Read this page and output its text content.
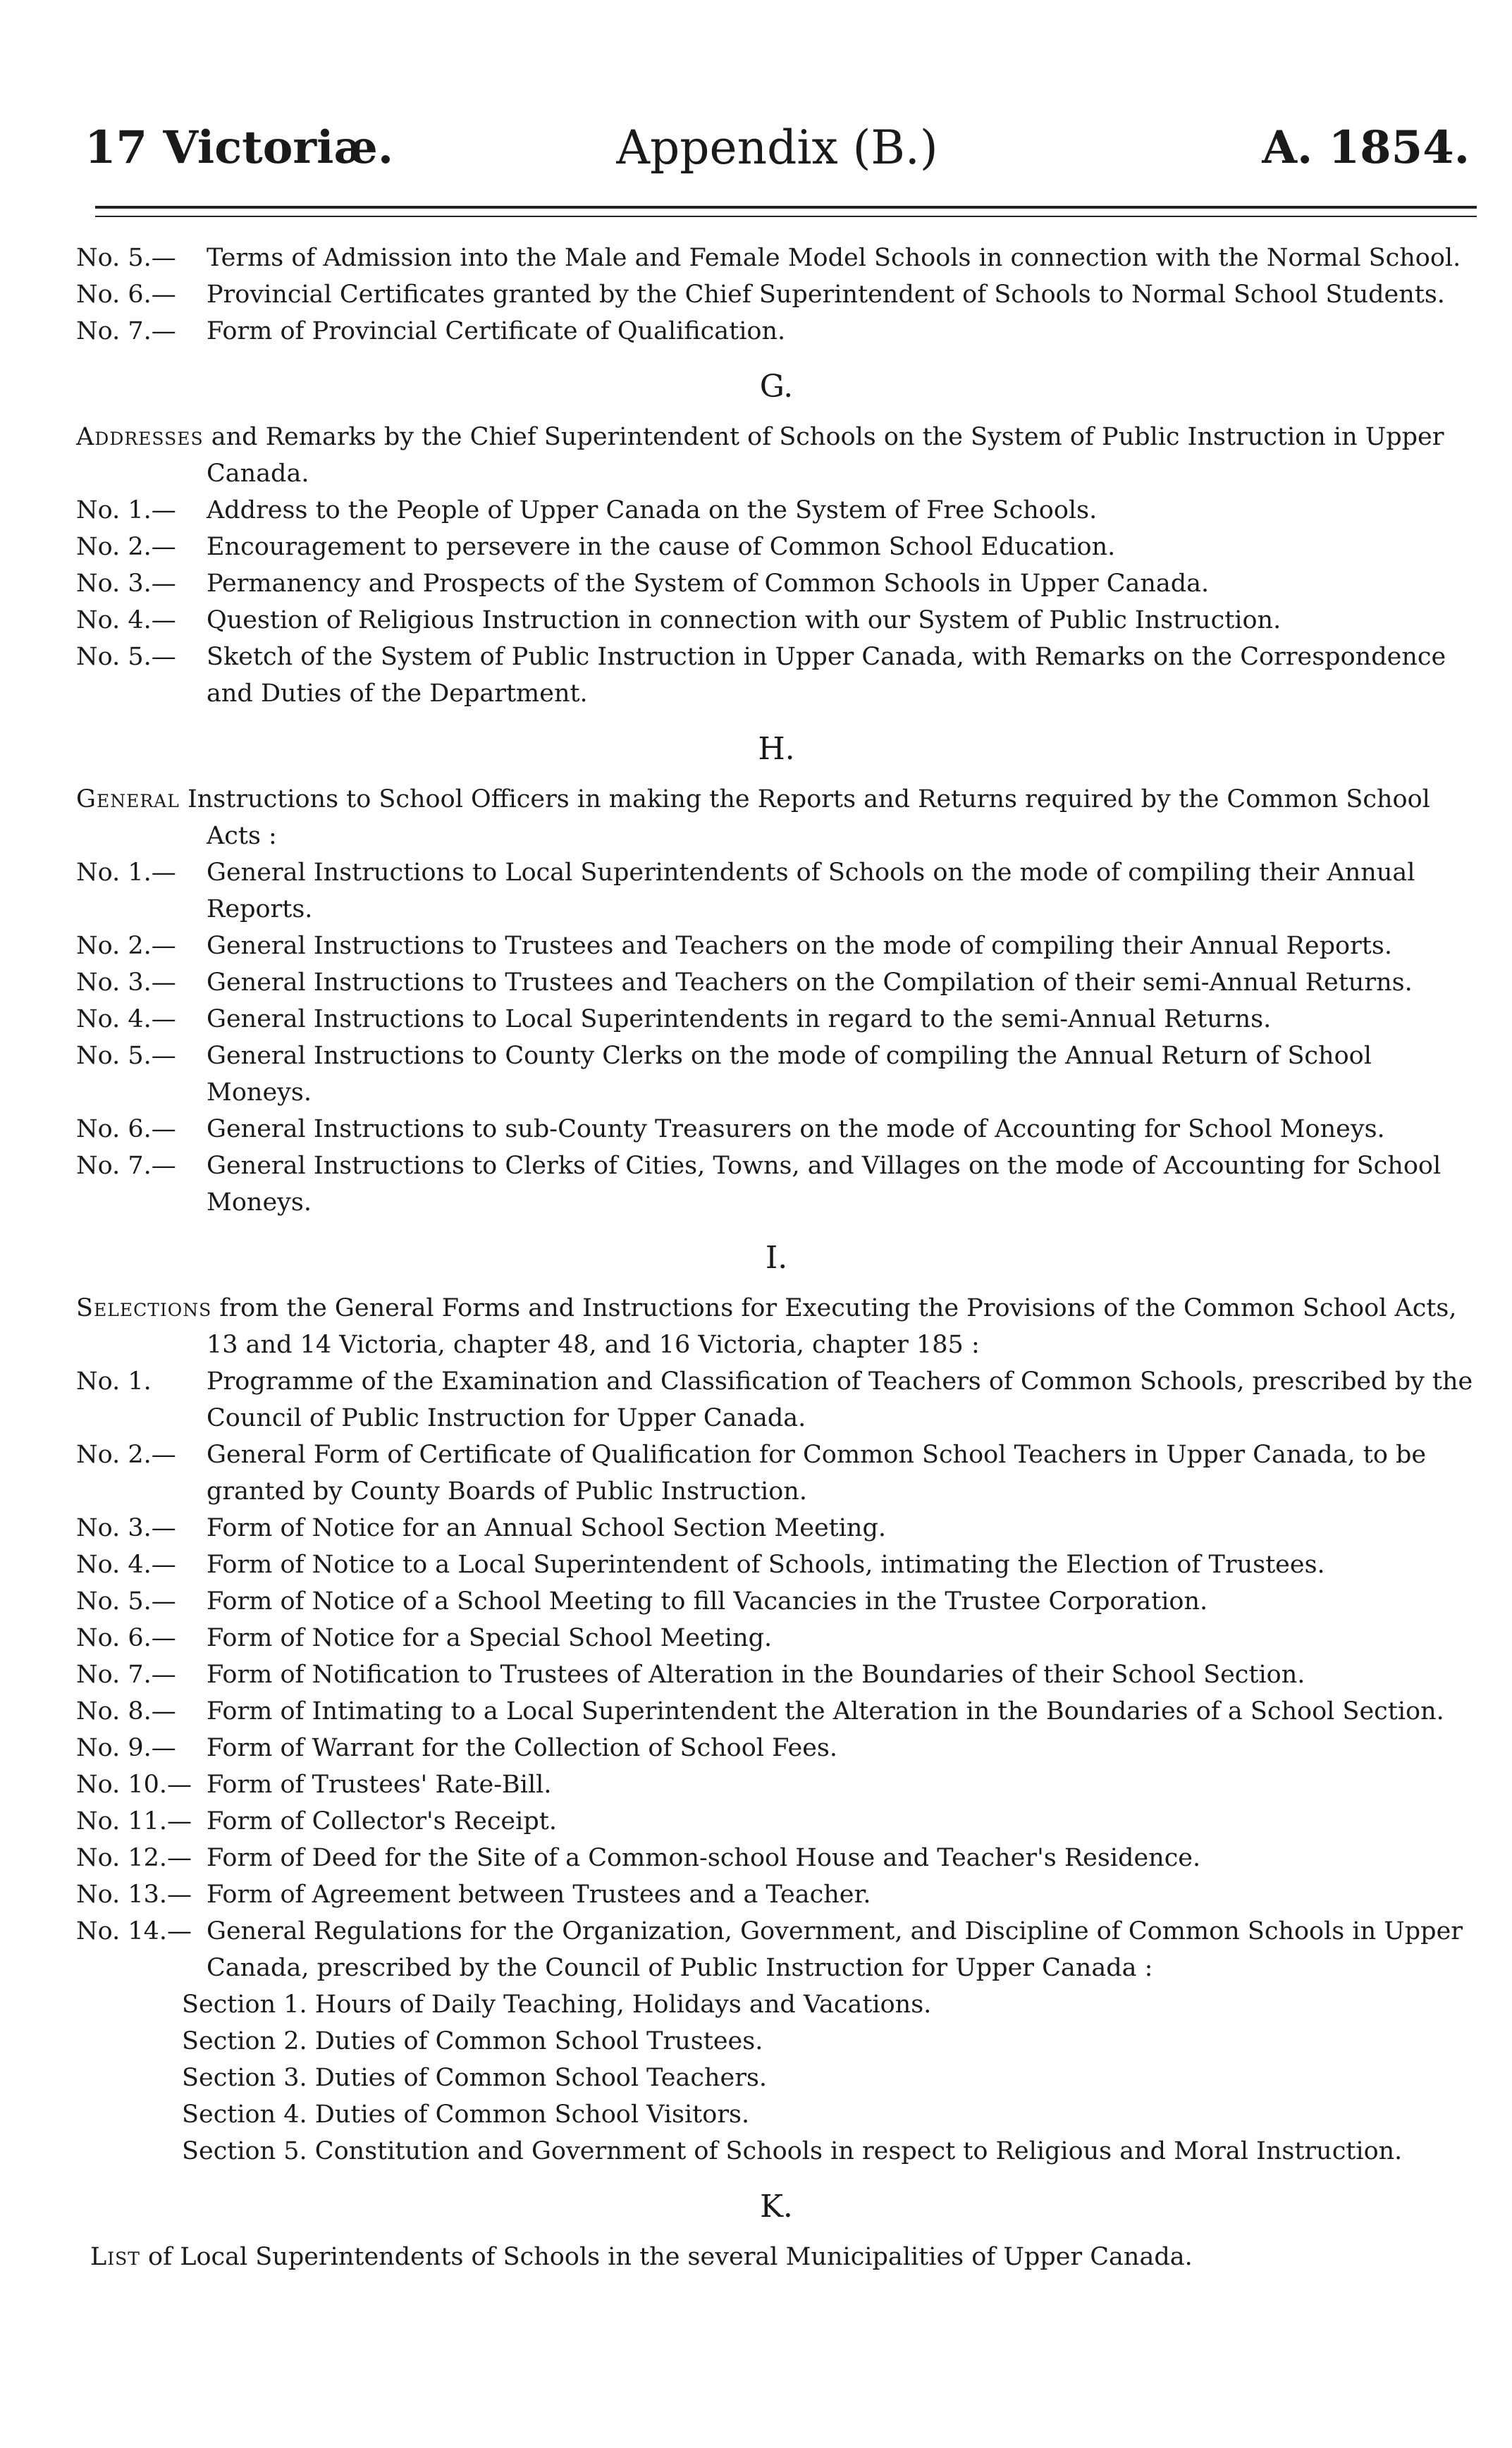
17 Victoriæ.	Appendix (B.)	A. 1854.

No. 5.— Terms of Admission into the Male and Female Model Schools in connection with the Normal School.

No. 6.— Provincial Certificates granted by the Chief Superintendent of Schools to Normal School Students.

No. 7.— Form of Provincial Certificate of Qualification.

G.

Addresses and Remarks by the Chief Superintendent of Schools on the System of Public Instruction in Upper Canada.

No. 1.— Address to the People of Upper Canada on the System of Free Schools.

No. 2.— Encouragement to persevere in the cause of Common School Education.

No. 3.— Permanency and Prospects of the System of Common Schools in Upper Canada.

No. 4.— Question of Religious Instruction in connection with our System of Public Instruction.

No. 5.— Sketch of the System of Public Instruction in Upper Canada, with Remarks on the Correspondence and Duties of the Department.

H.

General Instructions to School Officers in making the Reports and Returns required by the Common School Acts :

No. 1.— General Instructions to Local Superintendents of Schools on the mode of compiling their Annual Reports.

No. 2.— General Instructions to Trustees and Teachers on the mode of compiling their Annual Reports.

No. 3.— General Instructions to Trustees and Teachers on the Compilation of their semi-Annual Returns.

No. 4.— General Instructions to Local Superintendents in regard to the semi-Annual Returns.

No. 5.— General Instructions to County Clerks on the mode of compiling the Annual Return of School Moneys.

No. 6.— General Instructions to sub-County Treasurers on the mode of Accounting for School Moneys.

No. 7.— General Instructions to Clerks of Cities, Towns, and Villages on the mode of Accounting for School Moneys.

I.

Selections from the General Forms and Instructions for Executing the Provisions of the Common School Acts, 13 and 14 Victoria, chapter 48, and 16 Victoria, chapter 185 :

No. 1. Programme of the Examination and Classification of Teachers of Common Schools, prescribed by the Council of Public Instruction for Upper Canada.

No. 2.— General Form of Certificate of Qualification for Common School Teachers in Upper Canada, to be granted by County Boards of Public Instruction.

No. 3.— Form of Notice for an Annual School Section Meeting.

No. 4.— Form of Notice to a Local Superintendent of Schools, intimating the Election of Trustees.

No. 5.— Form of Notice of a School Meeting to fill Vacancies in the Trustee Corporation.

No. 6.— Form of Notice for a Special School Meeting.

No. 7.— Form of Notification to Trustees of Alteration in the Boundaries of their School Section.

No. 8.— Form of Intimating to a Local Superintendent the Alteration in the Boundaries of a School Section.

No. 9.— Form of Warrant for the Collection of School Fees.

No. 10.— Form of Trustees' Rate-Bill.

No. 11.— Form of Collector's Receipt.

No. 12.— Form of Deed for the Site of a Common-school House and Teacher's Residence.

No. 13.— Form of Agreement between Trustees and a Teacher.

No. 14.— General Regulations for the Organization, Government, and Discipline of Common Schools in Upper Canada, prescribed by the Council of Public Instruction for Upper Canada :

Section 1. Hours of Daily Teaching, Holidays and Vacations.

Section 2. Duties of Common School Trustees.

Section 3. Duties of Common School Teachers.

Section 4. Duties of Common School Visitors.

Section 5. Constitution and Government of Schools in respect to Religious and Moral Instruction.

K.

List of Local Superintendents of Schools in the several Municipalities of Upper Canada.
